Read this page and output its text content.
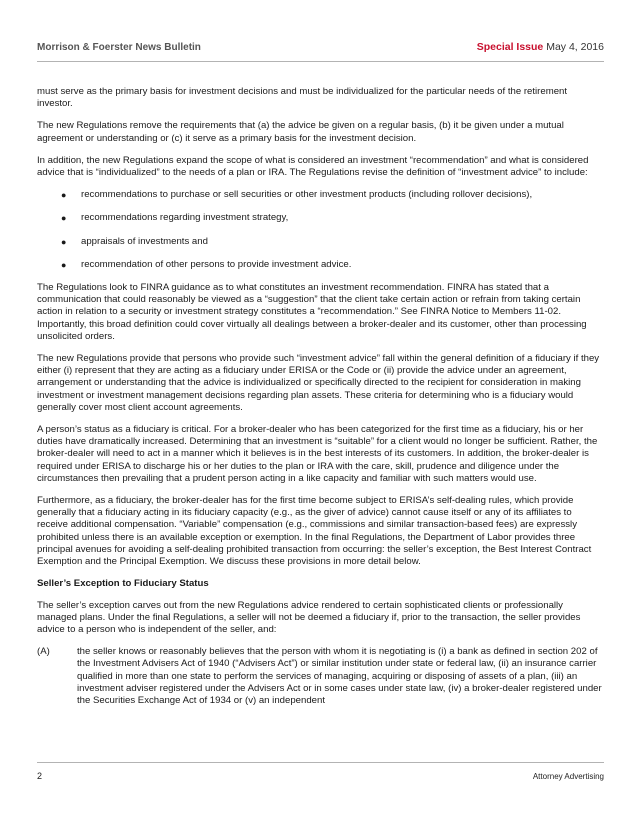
Morrison & Foerster News Bulletin	Special Issue May 4, 2016

must serve as the primary basis for investment decisions and must be individualized for the particular needs of the retirement investor.

The new Regulations remove the requirements that (a) the advice be given on a regular basis, (b) it be given under a mutual agreement or understanding or (c) it serve as a primary basis for the investment decision.

In addition, the new Regulations expand the scope of what is considered an investment “recommendation” and what is considered advice that is “individualized” to the needs of a plan or IRA. The Regulations revise the definition of “investment advice” to include:

● recommendations to purchase or sell securities or other investment products (including rollover decisions),
● recommendations regarding investment strategy,
● appraisals of investments and
● recommendation of other persons to provide investment advice.

The Regulations look to FINRA guidance as to what constitutes an investment recommendation. FINRA has stated that a communication that could reasonably be viewed as a “suggestion” that the client take certain action or refrain from taking certain action in relation to a security or investment strategy constitutes a “recommendation.” See FINRA Notice to Members 11-02. Importantly, this broad definition could cover virtually all dealings between a broker-dealer and its customer, other than processing unsolicited orders.

The new Regulations provide that persons who provide such “investment advice” fall within the general definition of a fiduciary if they either (i) represent that they are acting as a fiduciary under ERISA or the Code or (ii) provide the advice under an agreement, arrangement or understanding that the advice is individualized or specifically directed to the recipient for consideration in making investment or investment management decisions regarding plan assets. These criteria for determining who is a fiduciary would generally cover most client account agreements.

A person’s status as a fiduciary is critical. For a broker-dealer who has been categorized for the first time as a fiduciary, his or her duties have dramatically increased. Determining that an investment is “suitable” for a client would no longer be sufficient. Rather, the broker-dealer will need to act in a manner which it believes is in the best interests of its customers. In addition, the broker-dealer is required under ERISA to discharge his or her duties to the plan or IRA with the care, skill, prudence and diligence under the circumstances then prevailing that a prudent person acting in a like capacity and familiar with such matters would use.

Furthermore, as a fiduciary, the broker-dealer has for the first time become subject to ERISA’s self-dealing rules, which provide generally that a fiduciary acting in its fiduciary capacity (e.g., as the giver of advice) cannot cause itself or any of its affiliates to receive additional compensation. “Variable” compensation (e.g., commissions and similar transaction-based fees) are expressly prohibited unless there is an available exception or exemption. In the final Regulations, the Department of Labor provides three principal avenues for avoiding a self-dealing prohibited transaction from occurring: the seller’s exception, the Best Interest Contract Exemption and the Principal Exemption. We discuss these provisions in more detail below.

Seller’s Exception to Fiduciary Status

The seller’s exception carves out from the new Regulations advice rendered to certain sophisticated clients or professionally managed plans. Under the final Regulations, a seller will not be deemed a fiduciary if, prior to the transaction, the seller provides advice to a person who is independent of the seller, and:

(A)	the seller knows or reasonably believes that the person with whom it is negotiating is (i) a bank as defined in section 202 of the Investment Advisers Act of 1940 (“Advisers Act”) or similar institution under state or federal law, (ii) an insurance carrier qualified in more than one state to perform the services of managing, acquiring or disposing of assets of a plan, (iii) an investment adviser registered under the Advisers Act or in some cases under state law, (iv) a broker-dealer registered under the Securities Exchange Act of 1934 or (v) an independent
2	Attorney Advertising
